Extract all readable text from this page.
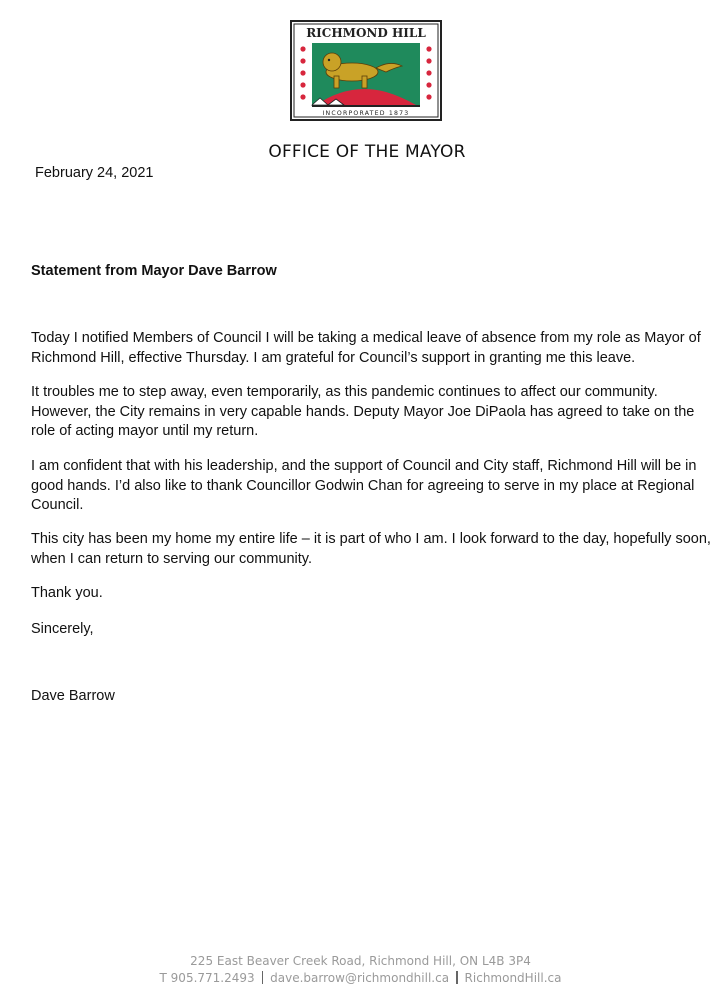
RICHMOND HILL
INCORPORATED 1873
OFFICE OF THE MAYOR
February 24, 2021
Statement from Mayor Dave Barrow

Today I notified Members of Council I will be taking a medical leave of absence from my role as Mayor of Richmond Hill, effective Thursday. I am grateful for Council’s support in granting me this leave.

It troubles me to step away, even temporarily, as this pandemic continues to affect our community. However, the City remains in very capable hands. Deputy Mayor Joe DiPaola has agreed to take on the role of acting mayor until my return.

I am confident that with his leadership, and the support of Council and City staff, Richmond Hill will be in good hands. I’d also like to thank Councillor Godwin Chan for agreeing to serve in my place at Regional Council.

This city has been my home my entire life – it is part of who I am. I look forward to the day, hopefully soon, when I can return to serving our community.

Thank you.

Sincerely,

Dave Barrow

225 East Beaver Creek Road, Richmond Hill, ON L4B 3P4
T 905.771.2493 dave.barrow@richmondhill.ca RichmondHill.ca
